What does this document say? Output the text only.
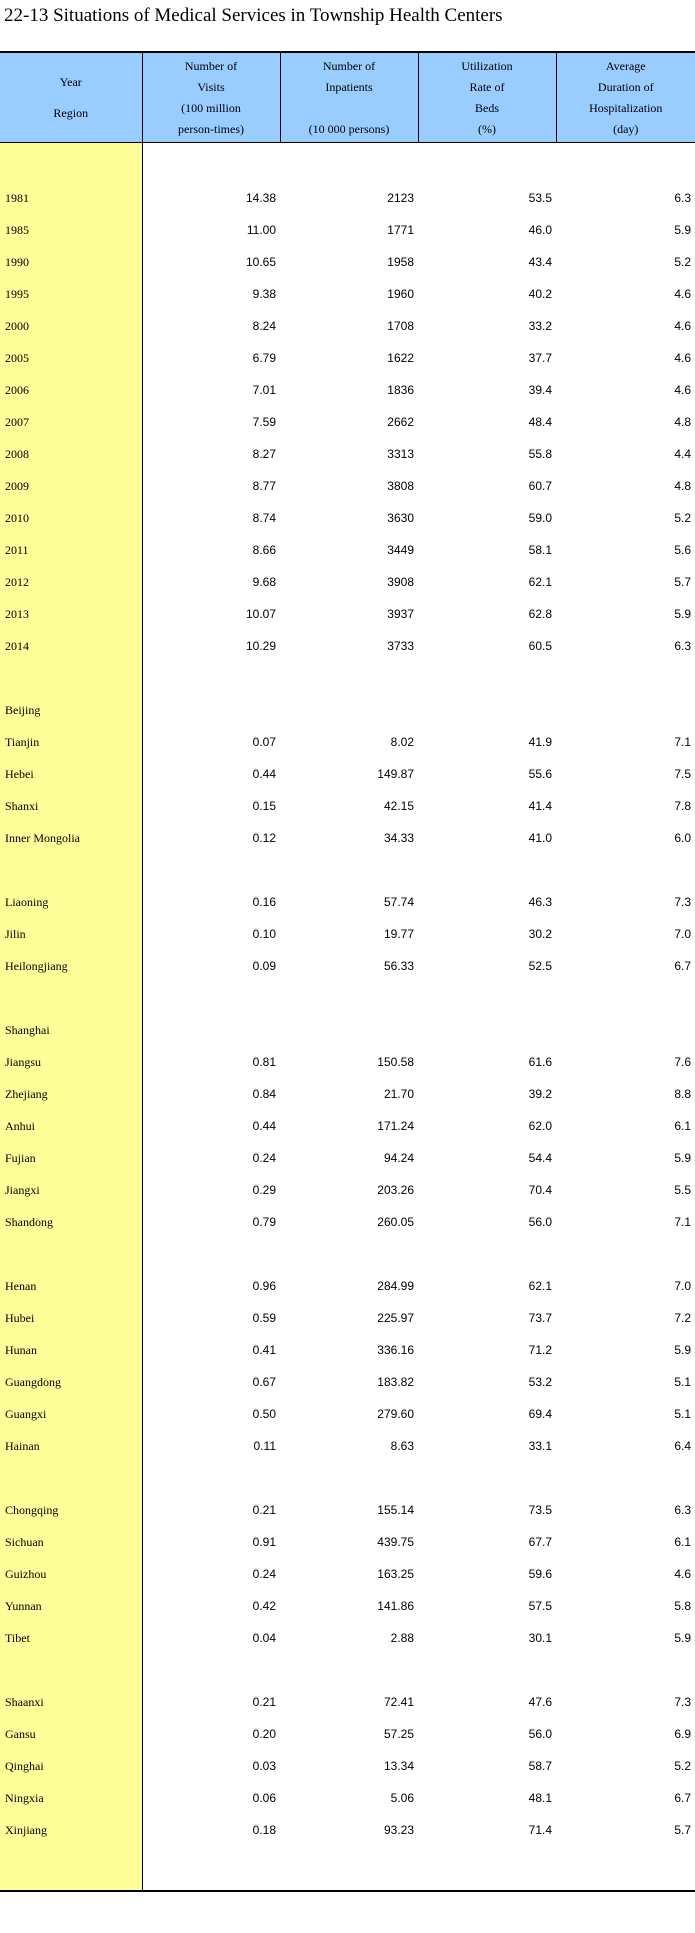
22-13 Situations of Medical Services in Township Health Centers
Year
Region	Number of
Visits
(100 million
person-times)	Number of
Inpatients
(10 000 persons)	Utilization
Rate of
Beds
(%)	Average
Duration of
Hospitalization
(day)

1981	14.38	2123	53.5	6.3
1985	11.00	1771	46.0	5.9
1990	10.65	1958	43.4	5.2
1995	9.38	1960	40.2	4.6
2000	8.24	1708	33.2	4.6
2005	6.79	1622	37.7	4.6
2006	7.01	1836	39.4	4.6
2007	7.59	2662	48.4	4.8
2008	8.27	3313	55.8	4.4
2009	8.77	3808	60.7	4.8
2010	8.74	3630	59.0	5.2
2011	8.66	3449	58.1	5.6
2012	9.68	3908	62.1	5.7
2013	10.07	3937	62.8	5.9
2014	10.29	3733	60.5	6.3

Beijing				
Tianjin	0.07	8.02	41.9	7.1
Hebei	0.44	149.87	55.6	7.5
Shanxi	0.15	42.15	41.4	7.8
Inner Mongolia	0.12	34.33	41.0	6.0

Liaoning	0.16	57.74	46.3	7.3
Jilin	0.10	19.77	30.2	7.0
Heilongjiang	0.09	56.33	52.5	6.7

Shanghai				
Jiangsu	0.81	150.58	61.6	7.6
Zhejiang	0.84	21.70	39.2	8.8
Anhui	0.44	171.24	62.0	6.1
Fujian	0.24	94.24	54.4	5.9
Jiangxi	0.29	203.26	70.4	5.5
Shandong	0.79	260.05	56.0	7.1

Henan	0.96	284.99	62.1	7.0
Hubei	0.59	225.97	73.7	7.2
Hunan	0.41	336.16	71.2	5.9
Guangdong	0.67	183.82	53.2	5.1
Guangxi	0.50	279.60	69.4	5.1
Hainan	0.11	8.63	33.1	6.4

Chongqing	0.21	155.14	73.5	6.3
Sichuan	0.91	439.75	67.7	6.1
Guizhou	0.24	163.25	59.6	4.6
Yunnan	0.42	141.86	57.5	5.8
Tibet	0.04	2.88	30.1	5.9

Shaanxi	0.21	72.41	47.6	7.3
Gansu	0.20	57.25	56.0	6.9
Qinghai	0.03	13.34	58.7	5.2
Ningxia	0.06	5.06	48.1	6.7
Xinjiang	0.18	93.23	71.4	5.7
